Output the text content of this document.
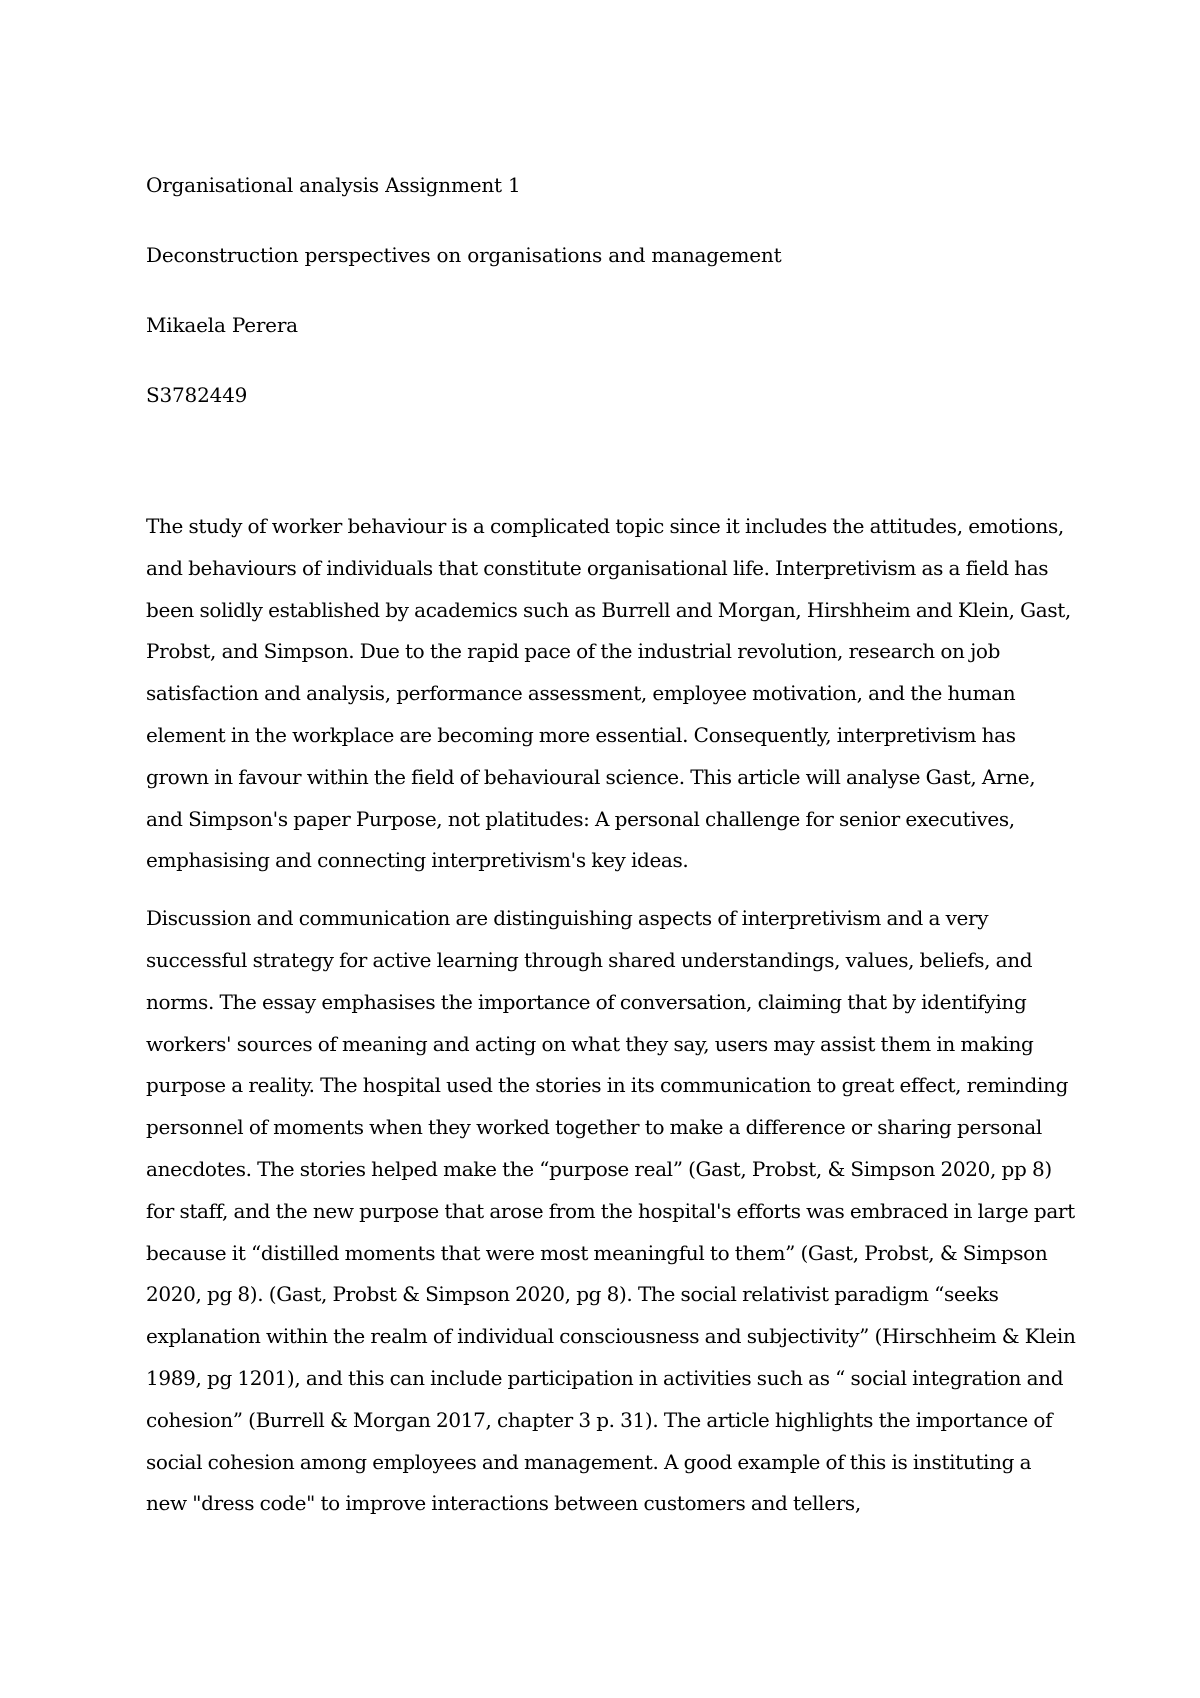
Organisational analysis Assignment 1

Deconstruction perspectives on organisations and management

Mikaela Perera

S3782449

The study of worker behaviour is a complicated topic since it includes the attitudes, emotions, and behaviours of individuals that constitute organisational life. Interpretivism as a field has been solidly established by academics such as Burrell and Morgan, Hirshheim and Klein, Gast, Probst, and Simpson. Due to the rapid pace of the industrial revolution, research on job satisfaction and analysis, performance assessment, employee motivation, and the human element in the workplace are becoming more essential. Consequently, interpretivism has grown in favour within the field of behavioural science. This article will analyse Gast, Arne, and Simpson's paper Purpose, not platitudes: A personal challenge for senior executives, emphasising and connecting interpretivism's key ideas.

Discussion and communication are distinguishing aspects of interpretivism and a very successful strategy for active learning through shared understandings, values, beliefs, and norms. The essay emphasises the importance of conversation, claiming that by identifying workers' sources of meaning and acting on what they say, users may assist them in making purpose a reality. The hospital used the stories in its communication to great effect, reminding personnel of moments when they worked together to make a difference or sharing personal anecdotes. The stories helped make the “purpose real” (Gast, Probst, & Simpson 2020, pp 8) for staff, and the new purpose that arose from the hospital's efforts was embraced in large part because it “distilled moments that were most meaningful to them” (Gast, Probst, & Simpson 2020, pg 8). (Gast, Probst & Simpson 2020, pg 8). The social relativist paradigm “seeks explanation within the realm of individual consciousness and subjectivity” (Hirschheim & Klein 1989, pg 1201), and this can include participation in activities such as “ social integration and cohesion” (Burrell & Morgan 2017, chapter 3 p. 31). The article highlights the importance of social cohesion among employees and management. A good example of this is instituting a new "dress code" to improve interactions between customers and tellers,
